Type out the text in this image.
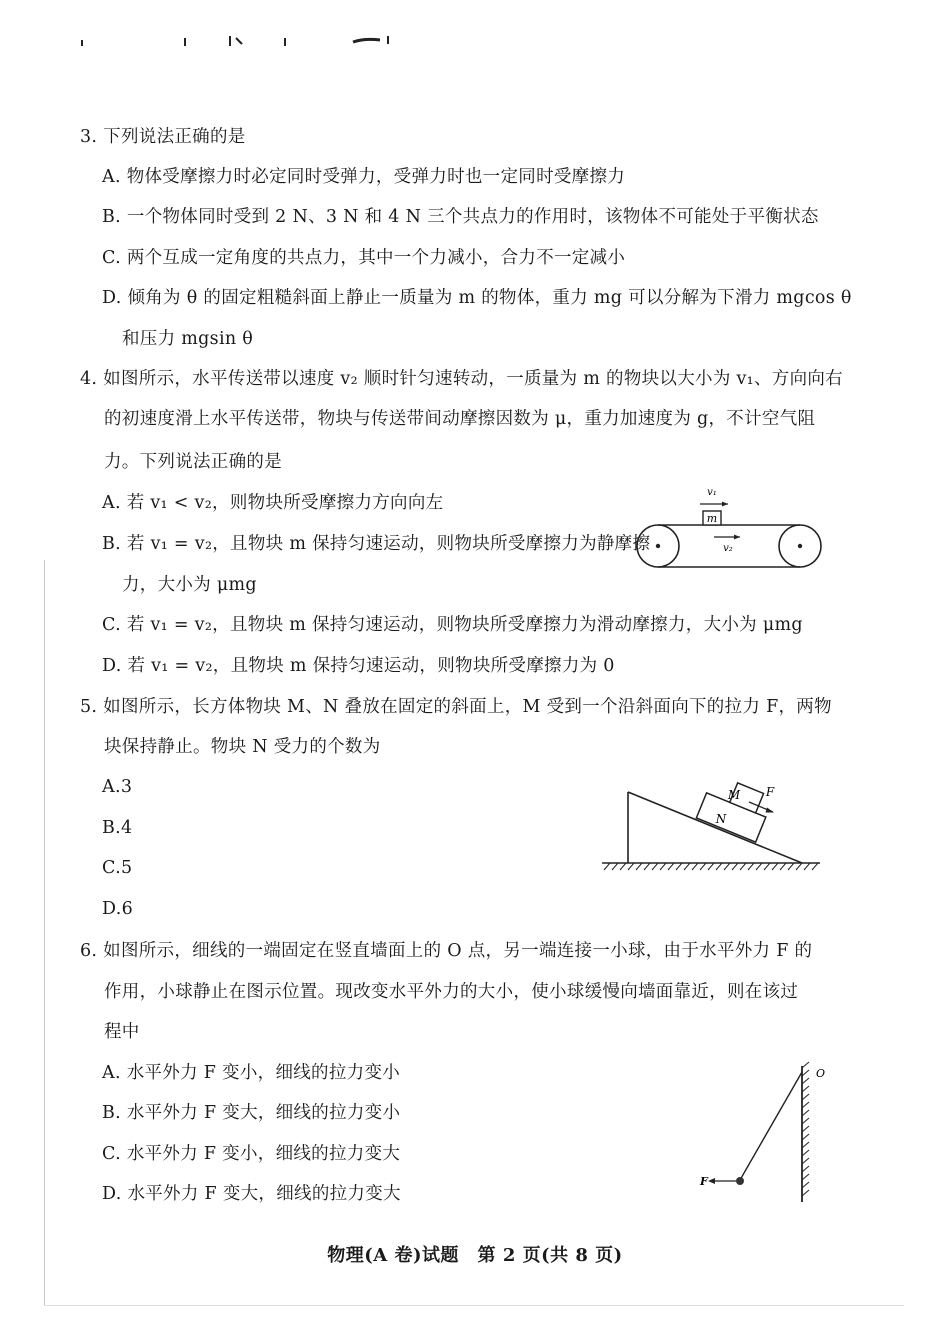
3. 下列说法正确的是
A. 物体受摩擦力时必定同时受弹力，受弹力时也一定同时受摩擦力
B. 一个物体同时受到 2 N、3 N 和 4 N 三个共点力的作用时，该物体不可能处于平衡状态
C. 两个互成一定角度的共点力，其中一个力减小，合力不一定减小
D. 倾角为 θ 的固定粗糙斜面上静止一质量为 m 的物体，重力 mg 可以分解为下滑力 mgcos θ
和压力 mgsin θ
4. 如图所示，水平传送带以速度 v₂ 顺时针匀速转动，一质量为 m 的物块以大小为 v₁、方向向右
的初速度滑上水平传送带，物块与传送带间动摩擦因数为 μ，重力加速度为 g，不计空气阻
力。下列说法正确的是
A. 若 v₁ < v₂，则物块所受摩擦力方向向左
B. 若 v₁ = v₂，且物块 m 保持匀速运动，则物块所受摩擦力为静摩擦
力，大小为 μmg
C. 若 v₁ = v₂，且物块 m 保持匀速运动，则物块所受摩擦力为滑动摩擦力，大小为 μmg
D. 若 v₁ = v₂，且物块 m 保持匀速运动，则物块所受摩擦力为 0
m
v₁
v₂
5. 如图所示，长方体物块 M、N 叠放在固定的斜面上，M 受到一个沿斜面向下的拉力 F，两物
块保持静止。物块 N 受力的个数为
A.3
B.4
C.5
D.6
N
M F
6. 如图所示，细线的一端固定在竖直墙面上的 O 点，另一端连接一小球，由于水平外力 F 的
作用，小球静止在图示位置。现改变水平外力的大小，使小球缓慢向墙面靠近，则在该过
程中
A. 水平外力 F 变小，细线的拉力变小
B. 水平外力 F 变大，细线的拉力变小
C. 水平外力 F 变小，细线的拉力变大
D. 水平外力 F 变大，细线的拉力变大
O
F
物理(A 卷)试题　第 2 页(共 8 页)
